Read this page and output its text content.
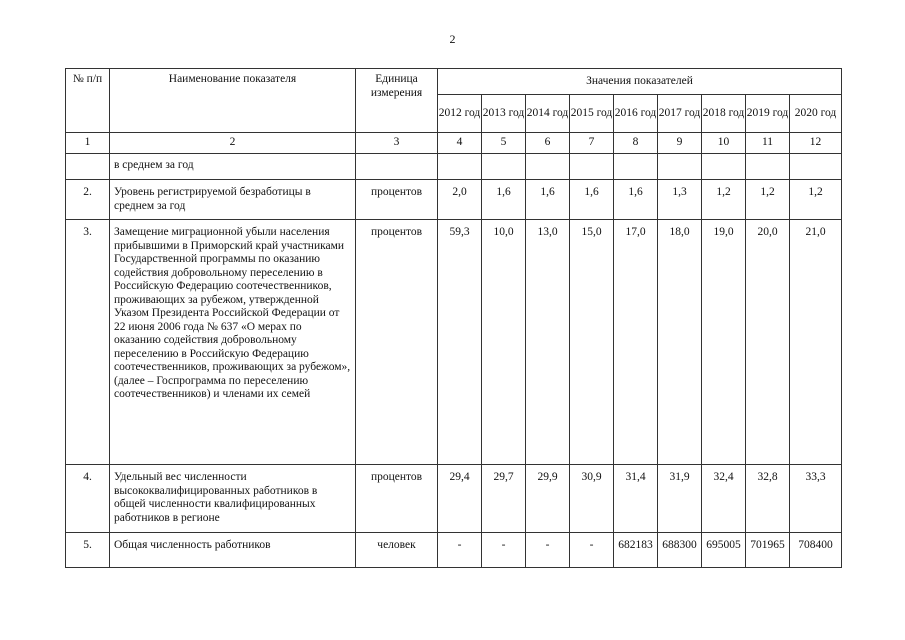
2
№ п/п	Наименование показателя	Единица измерения	Значения показателей								
			2012 год	2013 год	2014 год	2015 год	2016 год	2017 год	2018 год	2019 год	2020 год
1	2	3	4	5	6	7	8	9	10	11	12
	в среднем за год										
2.	Уровень регистрируемой безработицы в среднем за год	процентов	2,0	1,6	1,6	1,6	1,6	1,3	1,2	1,2	1,2
3.	Замещение миграционной убыли населения прибывшими в Приморский край участниками Государственной программы по оказанию содействия добровольному переселению в Российскую Федерацию соотечественников, проживающих за рубежом, утвержденной Указом Президента Российской Федерации от 22 июня 2006 года № 637 «О мерах по оказанию содействия добровольному переселению в Российскую Федерацию соотечественников, проживающих за рубежом», (далее – Госпрограмма по переселению соотечественников) и членами их семей	процентов	59,3	10,0	13,0	15,0	17,0	18,0	19,0	20,0	21,0
4.	Удельный вес численности высококвалифицированных работников в общей численности квалифицированных работников в регионе	процентов	29,4	29,7	29,9	30,9	31,4	31,9	32,4	32,8	33,3
5.	Общая численность работников	человек	-	-	-	-	682183	688300	695005	701965	708400
